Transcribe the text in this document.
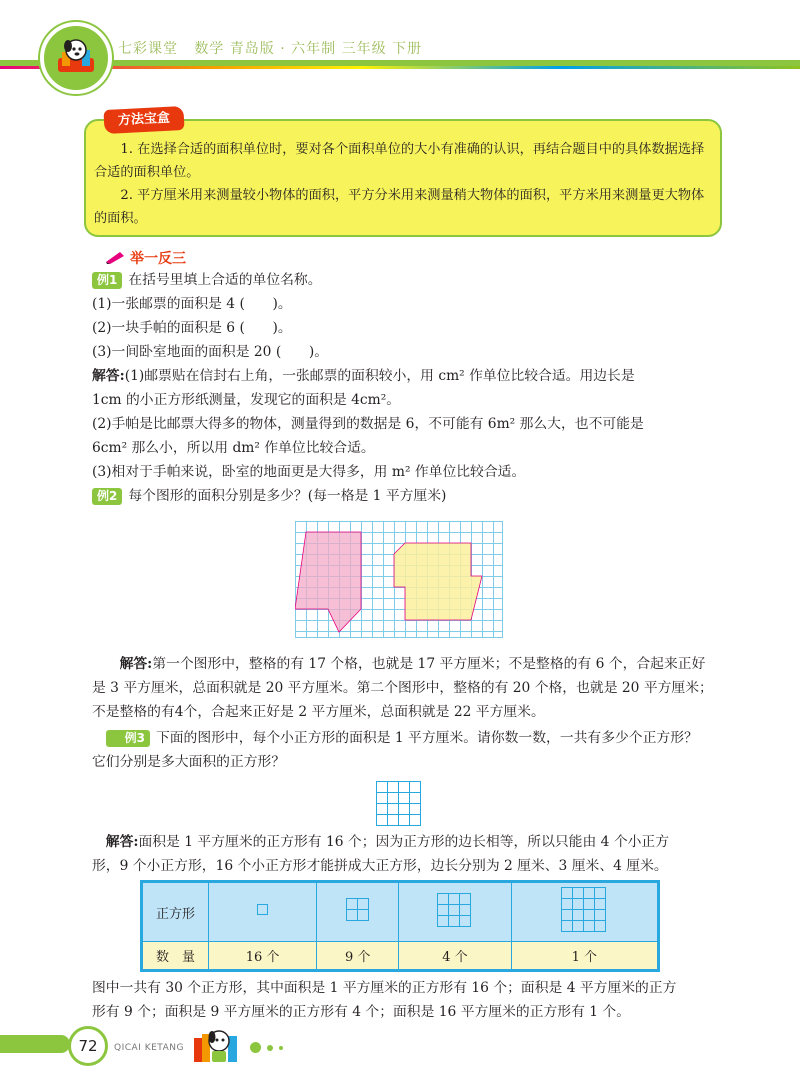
七彩课堂 数学 青岛版 · 六年制 三年级 下册
方法宝盒

1. 在选择合适的面积单位时，要对各个面积单位的大小有准确的认识，再结合题目中的具体数据选择合适的面积单位。

2. 平方厘米用来测量较小物体的面积，平方分米用来测量稍大物体的面积，平方米用来测量更大物体的面积。

举一反三
例1 在括号里填上合适的单位名称。
(1)一张邮票的面积是 4 (　　)。
(2)一块手帕的面积是 6 (　　)。
(3)一间卧室地面的面积是 20 (　　)。
解答:(1)邮票贴在信封右上角，一张邮票的面积较小，用 cm² 作单位比较合适。用边长是
1cm 的小正方形纸测量，发现它的面积是 4cm²。
(2)手帕是比邮票大得多的物体，测量得到的数据是 6，不可能有 6m² 那么大，也不可能是
6cm² 那么小，所以用 dm² 作单位比较合适。
(3)相对于手帕来说，卧室的地面更是大得多，用 m² 作单位比较合适。
例2 每个图形的面积分别是多少？(每一格是 1 平方厘米)
解答:第一个图形中，整格的有 17 个格，也就是 17 平方厘米；不是整格的有 6 个，合起来正好
是 3 平方厘米，总面积就是 20 平方厘米。第二个图形中，整格的有 20 个格，也就是 20 平方厘米；
不是整格的有4个，合起来正好是 2 平方厘米，总面积就是 22 平方厘米。
例3 下面的图形中，每个小正方形的面积是 1 平方厘米。请你数一数，一共有多少个正方形？
它们分别是多大面积的正方形？
解答:面积是 1 平方厘米的正方形有 16 个；因为正方形的边长相等，所以只能由 4 个小正方
形，9 个小正方形，16 个小正方形才能拼成大正方形，边长分别为 2 厘米、3 厘米、4 厘米。
正方形				
数　量	16 个	9 个	4 个	1 个
图中一共有 30 个正方形，其中面积是 1 平方厘米的正方形有 16 个；面积是 4 平方厘米的正方
形有 9 个；面积是 9 平方厘米的正方形有 4 个；面积是 16 平方厘米的正方形有 1 个。
72	QICAI KETANG
